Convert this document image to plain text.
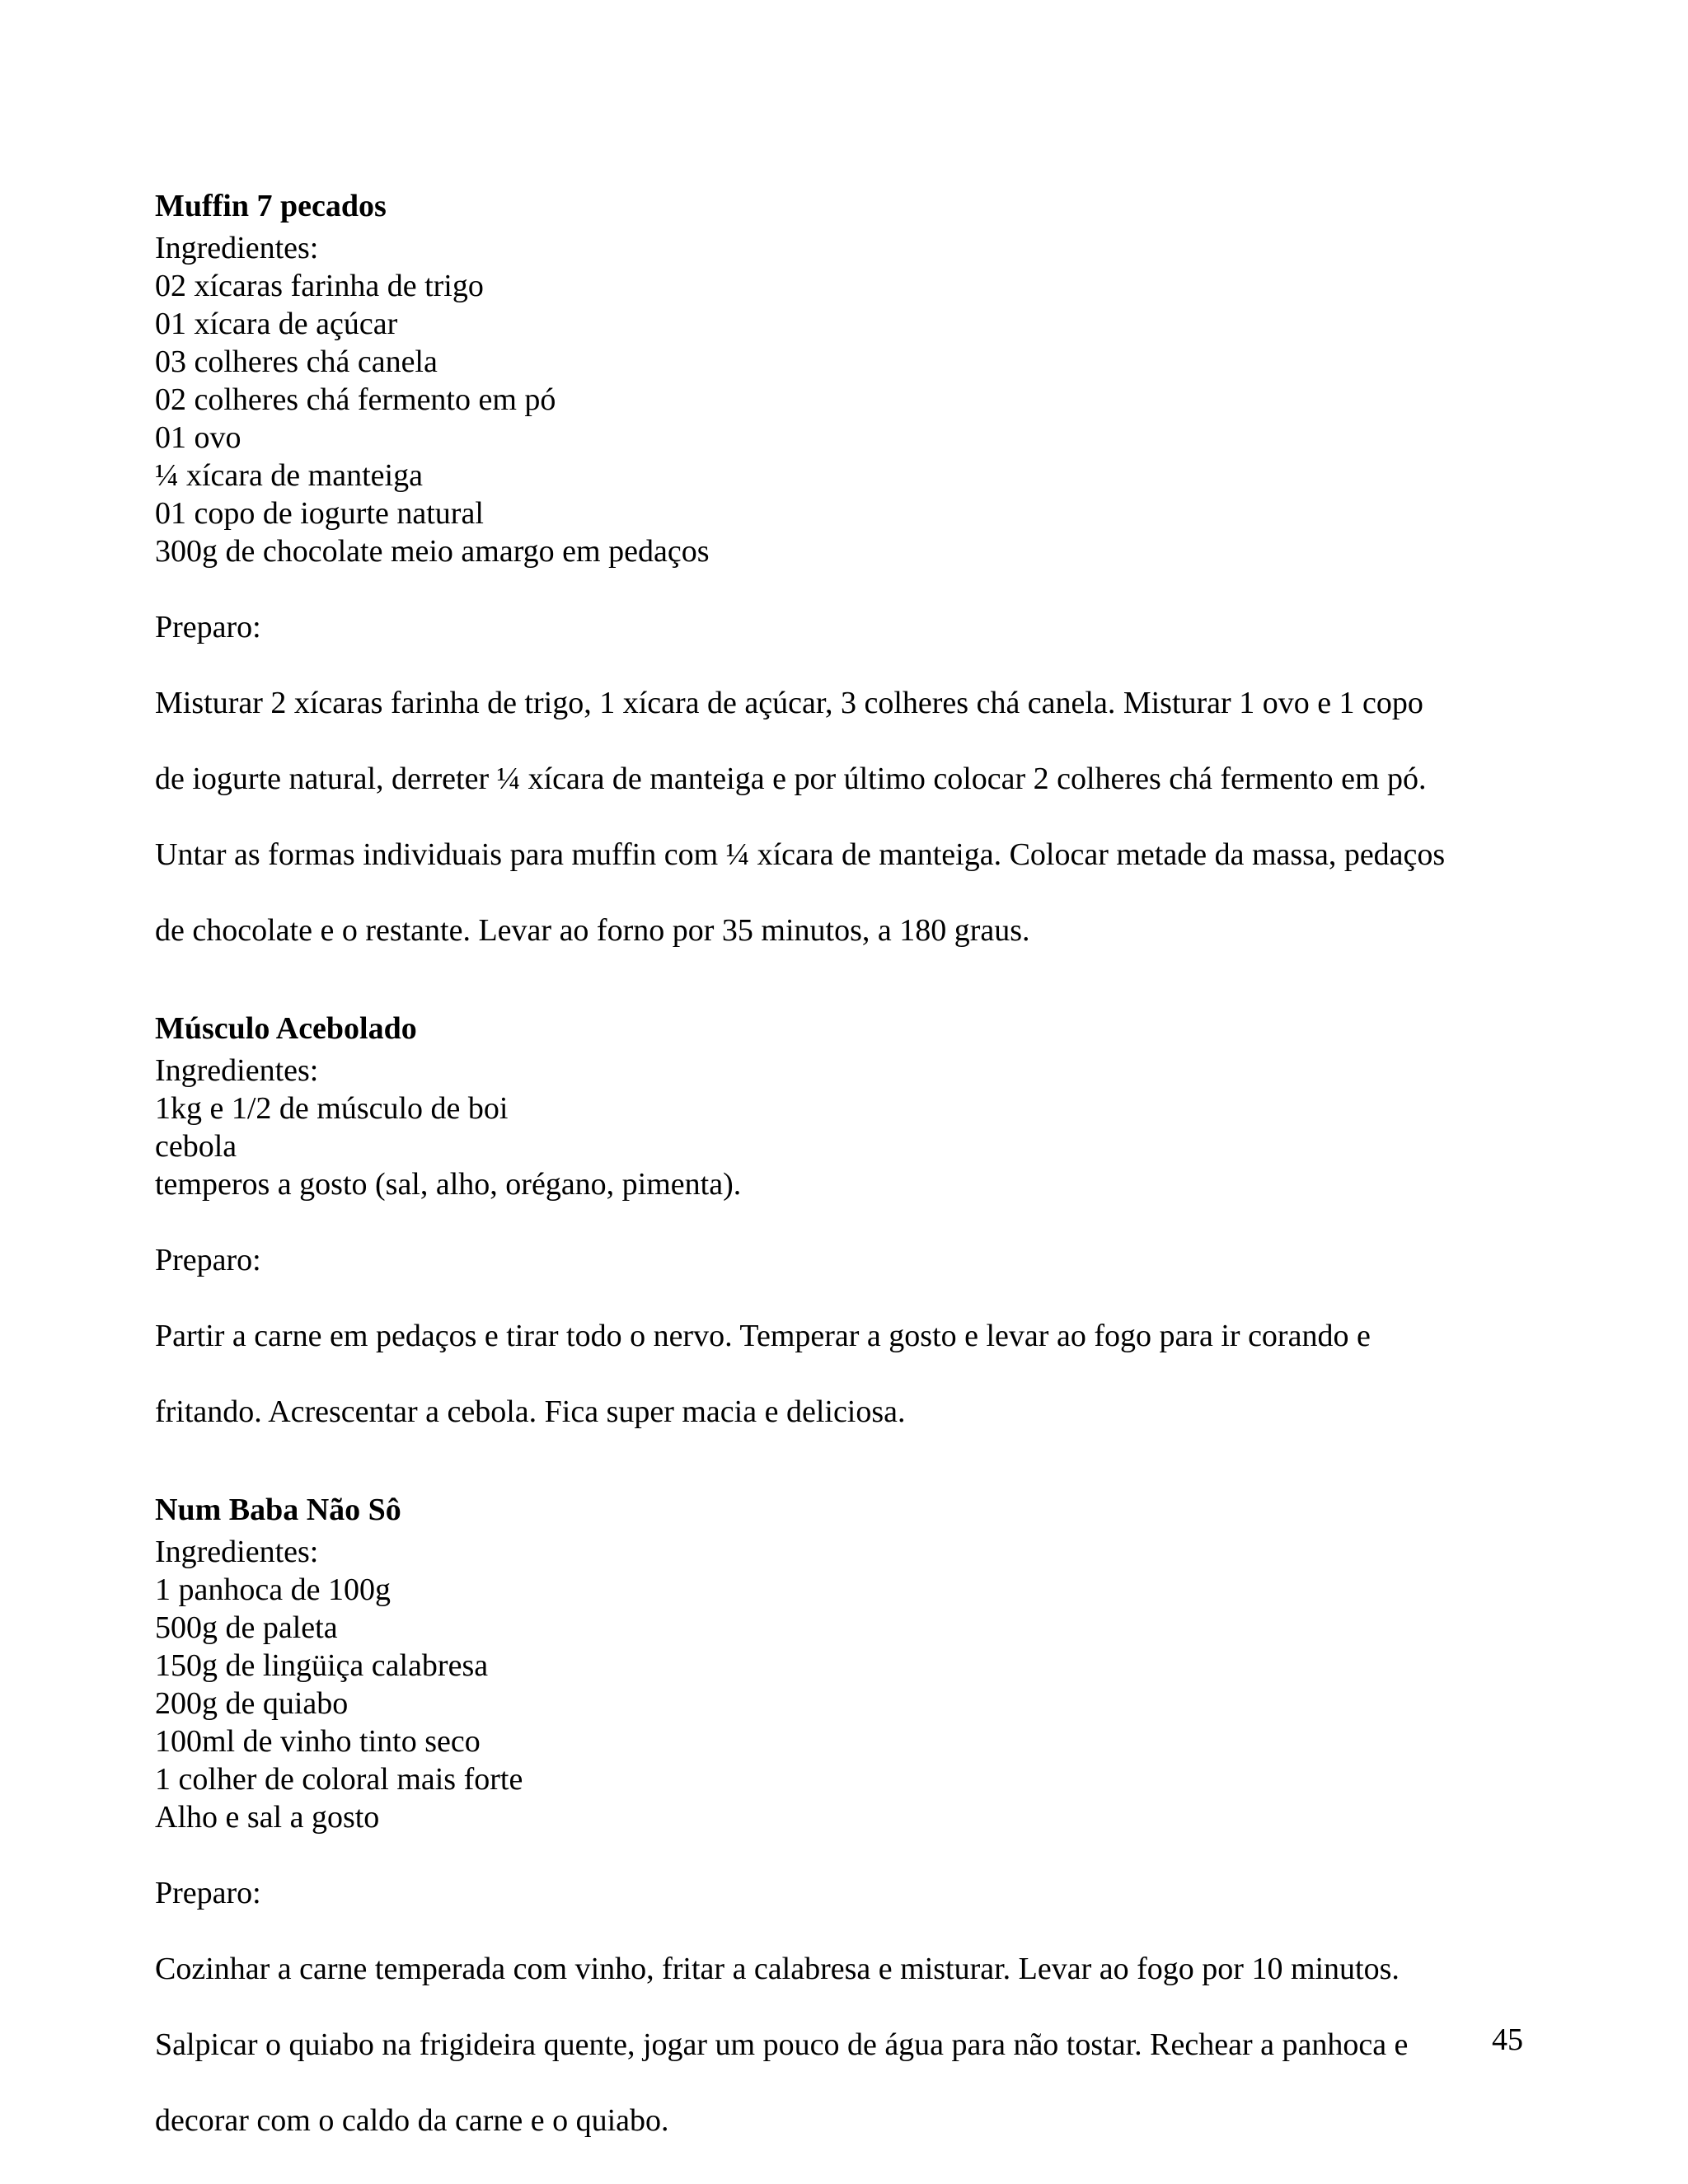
Muffin 7 pecados
Ingredientes:
02 xícaras farinha de trigo
01 xícara de açúcar
03 colheres chá canela
02 colheres chá fermento em pó
01 ovo
¼ xícara de manteiga
01 copo de iogurte natural
300g de chocolate meio amargo em pedaços
Preparo:

Misturar 2 xícaras farinha de trigo, 1 xícara de açúcar, 3 colheres chá canela. Misturar 1 ovo e 1 copo

de iogurte natural, derreter ¼ xícara de manteiga e por último colocar 2 colheres chá fermento em pó.

Untar as formas individuais para muffin com ¼ xícara de manteiga. Colocar metade da massa, pedaços

de chocolate e o restante. Levar ao forno por 35 minutos, a 180 graus.

Músculo Acebolado
Ingredientes:
1kg e 1/2 de músculo de boi
cebola
temperos a gosto (sal, alho, orégano, pimenta).
Preparo:

Partir a carne em pedaços e tirar todo o nervo. Temperar a gosto e levar ao fogo para ir corando e

fritando. Acrescentar a cebola. Fica super macia e deliciosa.

Num Baba Não Sô
Ingredientes:
1 panhoca de 100g
500g de paleta
150g de lingüiça calabresa
200g de quiabo
100ml de vinho tinto seco
1 colher de coloral mais forte
Alho e sal a gosto
Preparo:

Cozinhar a carne temperada com vinho, fritar a calabresa e misturar. Levar ao fogo por 10 minutos.

Salpicar o quiabo na frigideira quente, jogar um pouco de água para não tostar. Rechear a panhoca e

decorar com o caldo da carne e o quiabo.

45
